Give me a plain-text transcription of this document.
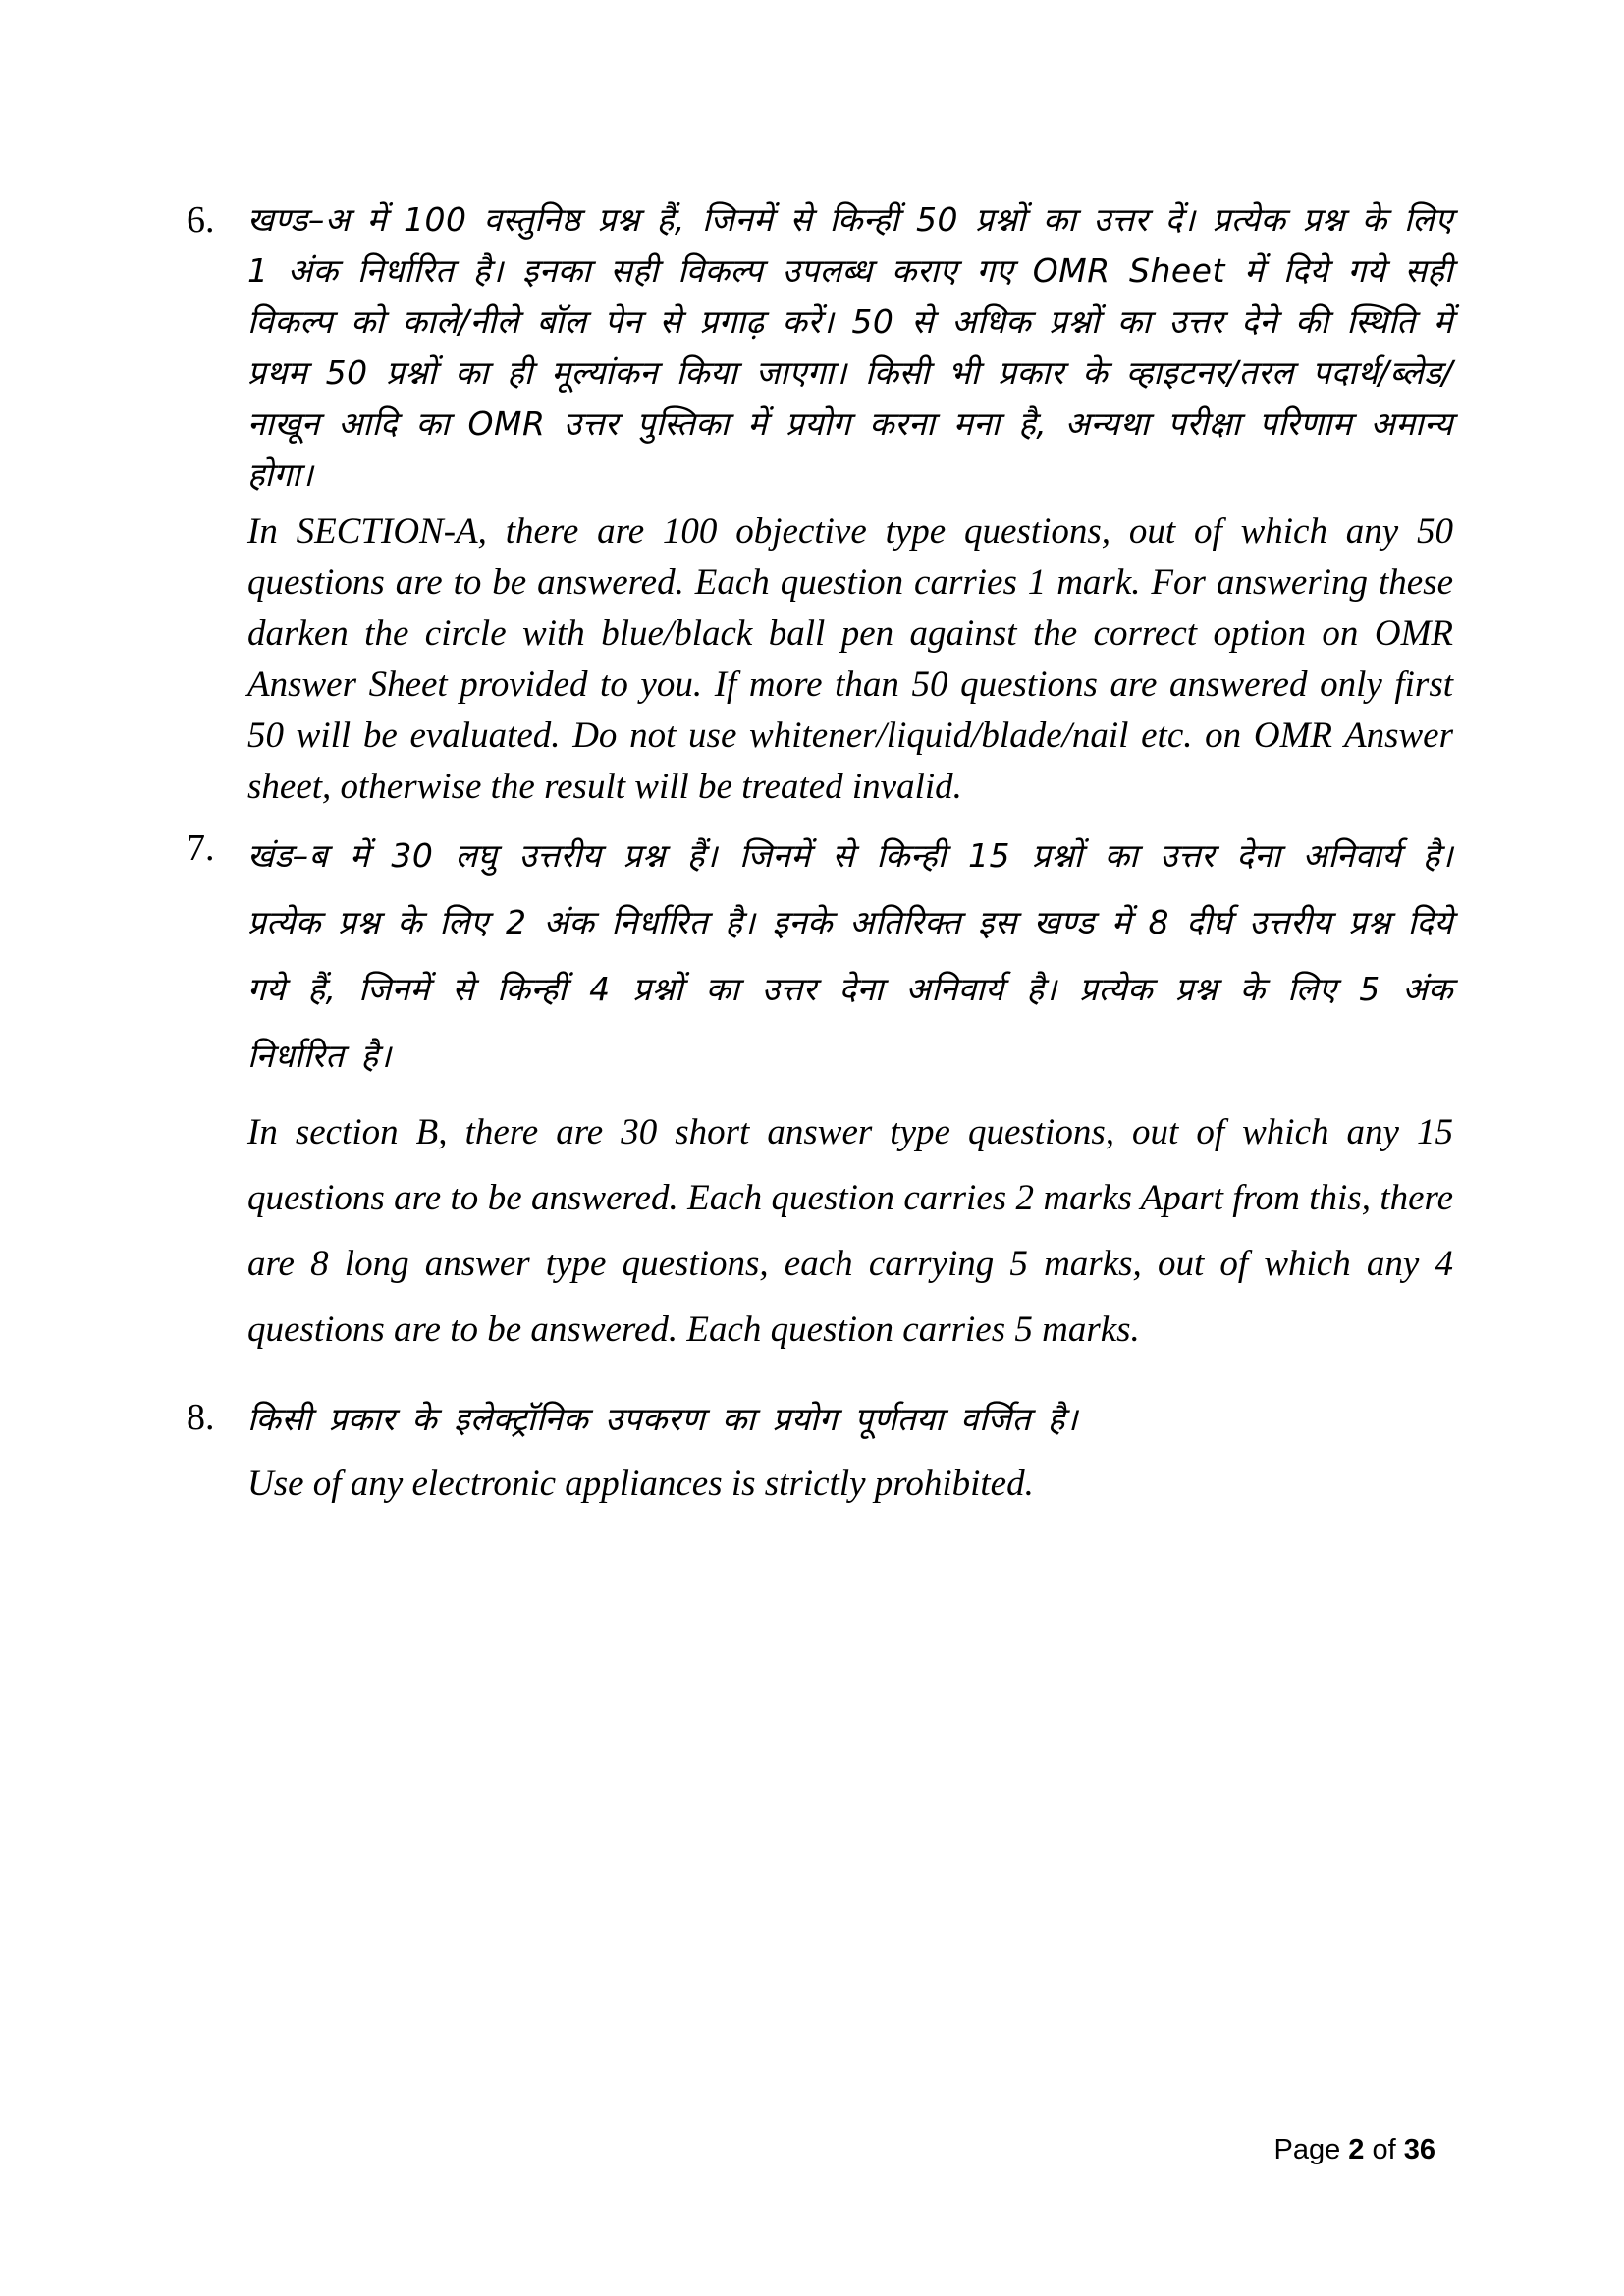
6. खण्ड–अ में 100 वस्तुनिष्ठ प्रश्न हैं, जिनमें से किन्हीं 50 प्रश्नों का उत्तर दें। प्रत्येक प्रश्न के लिए 1 अंक निर्धारित है। इनका सही विकल्प उपलब्ध कराए गए OMR Sheet में दिये गये सही विकल्प को काले/नीले बॉल पेन से प्रगाढ़ करें। 50 से अधिक प्रश्नों का उत्तर देने की स्थिति में प्रथम 50 प्रश्नों का ही मूल्यांकन किया जाएगा। किसी भी प्रकार के व्हाइटनर/तरल पदार्थ/ब्लेड/नाखून आदि का OMR उत्तर पुस्तिका में प्रयोग करना मना है, अन्यथा परीक्षा परिणाम अमान्य होगा।
In SECTION-A, there are 100 objective type questions, out of which any 50 questions are to be answered. Each question carries 1 mark. For answering these darken the circle with blue/black ball pen against the correct option on OMR Answer Sheet provided to you. If more than 50 questions are answered only first 50 will be evaluated. Do not use whitener/liquid/blade/nail etc. on OMR Answer sheet, otherwise the result will be treated invalid.
7. खंड–ब में 30 लघु उत्तरीय प्रश्न हैं। जिनमें से किन्ही 15 प्रश्नों का उत्तर देना अनिवार्य है। प्रत्येक प्रश्न के लिए 2 अंक निर्धारित है। इनके अतिरिक्त इस खण्ड में 8 दीर्घ उत्तरीय प्रश्न दिये गये हैं, जिनमें से किन्हीं 4 प्रश्नों का उत्तर देना अनिवार्य है। प्रत्येक प्रश्न के लिए 5 अंक निर्धारित है।
In section B, there are 30 short answer type questions, out of which any 15 questions are to be answered. Each question carries 2 marks Apart from this, there are 8 long answer type questions, each carrying 5 marks, out of which any 4 questions are to be answered. Each question carries 5 marks.
8. किसी प्रकार के इलेक्ट्रॉनिक उपकरण का प्रयोग पूर्णतया वर्जित है।
Use of any electronic appliances is strictly prohibited.
Page 2 of 36
